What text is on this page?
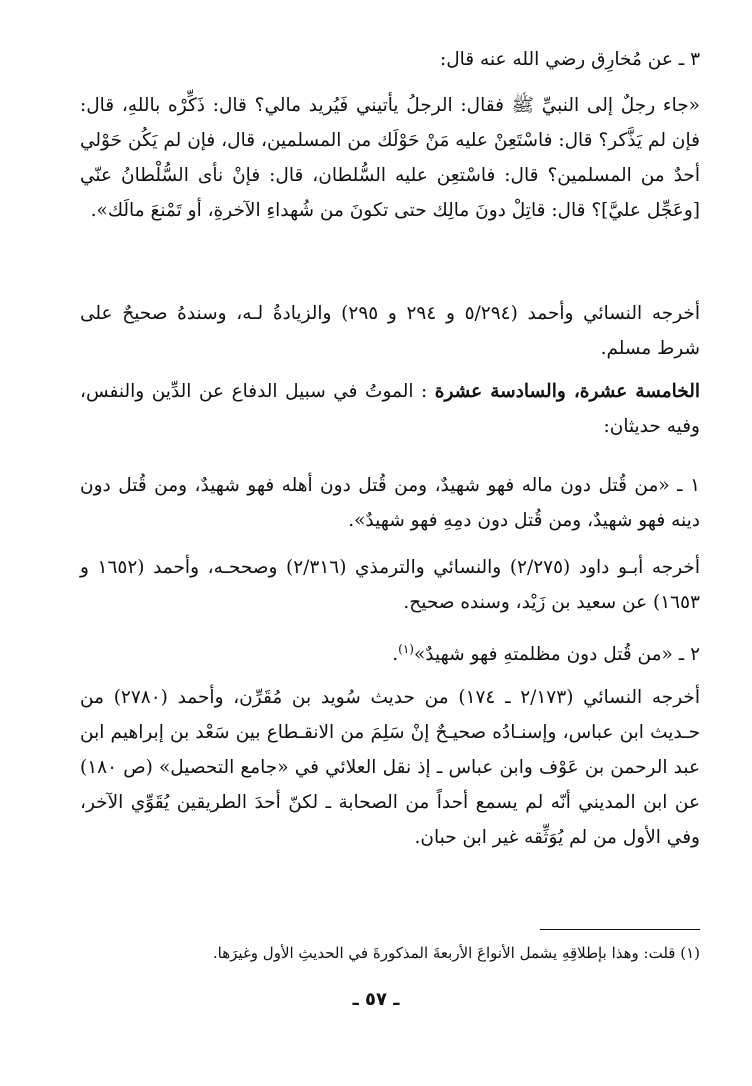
٣ ـ عن مُخارِق رضي الله عنه قال:

«جاء رجلٌ إلى النبيِّ ﷺ فقال: الرجلُ يأتيني فَيُريد مالي؟ قال: ذَكِّرْه باللهِ، قال: فإن لم يَذَّكر؟ قال: فاسْتَعِنْ عليه مَنْ حَوْلَك من المسلمين، قال، فإن لم يَكُن حَوْلي أحدٌ من المسلمين؟ قال: فاسْتعِن عليه السُّلطان، قال: فإنْ نأى السُّلْطانُ عنّي [وعَجِّل عليَّ]؟ قال: قاتِلْ دونَ مالِك حتى تكونَ من شُهداءِ الآخرةِ، أو تَمْنعَ مالَك».

أخرجه النسائي وأحمد (٥/٢٩٤ و ٢٩٤ و ٢٩٥) والزيادةُ لـه، وسندهُ صحيحٌ على شرط مسلم.

الخامسة عشرة، والسادسة عشرة : الموتُ في سبيل الدفاع عن الدِّين والنفس، وفيه حديثان:

١ ـ «من قُتل دون ماله فهو شهيدٌ، ومن قُتل دون أهله فهو شهيدٌ، ومن قُتل دون دينه فهو شهيدٌ، ومن قُتل دون دمِهِ فهو شهيدٌ».

أخرجه أبـو داود (٢/٢٧٥) والنسائي والترمذي (٢/٣١٦) وصححـه، وأحمد (١٦٥٢ و ١٦٥٣) عن سعيد بن زَيْد، وسنده صحيح.

٢ ـ «من قُتل دون مظلمتهِ فهو شهيدٌ»$^{(١)}$.

أخرجه النسائي (٢/١٧٣ ـ ١٧٤) من حديث سُويد بن مُقَرِّن، وأحمد (٢٧٨٠) من حـديث ابن عباس، وإسنـادُه صحيـحٌ إنْ سَلِمَ من الانقـطاع بين سَعْد بن إبراهيم ابن عبد الرحمن بن عَوْف وابن عباس ـ إذ نقل العلائي في «جامع التحصيل» (ص ١٨٠) عن ابن المديني أنّه لم يسمع أحداً من الصحابة ـ لكنّ أحدَ الطريقين يُقَوِّي الآخر، وفي الأول من لم يُوَثِّقه غير ابن حبان.

(١) قلت: وهذا بإطلاقِهِ يشمل الأنواعَ الأربعةَ المذكورةَ في الحديثِ الأول وغيرَها.

ـ ٥٧ ـ
